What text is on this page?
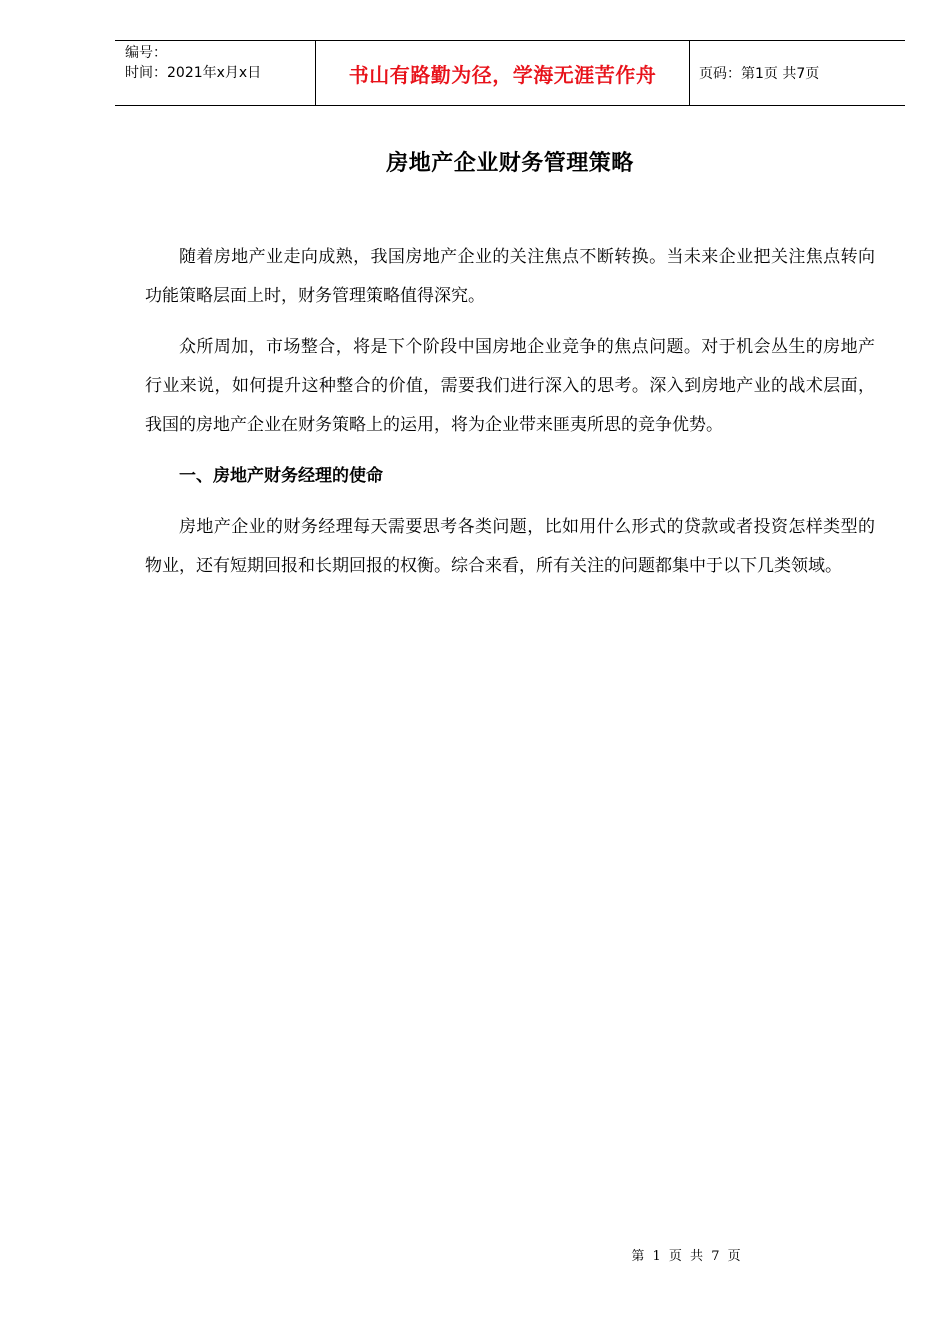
编号：
时间：2021年x月x日	书山有路勤为径，学海无涯苦作舟	页码：第1页 共7页
房地产企业财务管理策略

随着房地产业走向成熟，我国房地产企业的关注焦点不断转换。当未来企业把关注焦点转向功能策略层面上时，财务管理策略值得深究。

众所周加，市场整合，将是下个阶段中国房地企业竞争的焦点问题。对于机会丛生的房地产行业来说，如何提升这种整合的价值，需要我们进行深入的思考。深入到房地产业的战术层面，我国的房地产企业在财务策略上的运用，将为企业带来匪夷所思的竞争优势。

一、房地产财务经理的使命

房地产企业的财务经理每天需要思考各类问题，比如用什么形式的贷款或者投资怎样类型的物业，还有短期回报和长期回报的权衡。综合来看，所有关注的问题都集中于以下几类领域。

第 1 页 共 7 页
